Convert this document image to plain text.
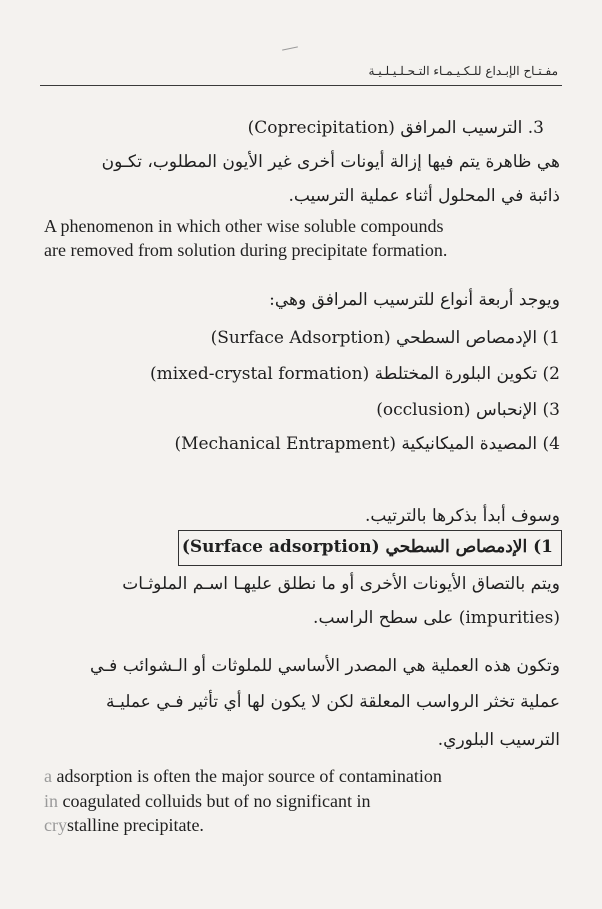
مفـتـاح الإبـداع للـكـيـمـاء التـحـلـيـلـيـة
3. الترسيب المرافق (Coprecipitation)
هي ظاهرة يتم فيها إزالة أيونات أخرى غير الأيون المطلوب، تكـون
ذائبة في المحلول أثناء عملية الترسيب.
A phenomenon in which other wise soluble compounds
are removed from solution during precipitate formation.
ويوجد أربعة أنواع للترسيب المرافق وهي:
1) الإدمصاص السطحي (Surface Adsorption)
2) تكوين البلورة المختلطة (mixed-crystal formation)
3) الإنحباس (occlusion)
4) المصيدة الميكانيكية (Mechanical Entrapment)
وسوف أبدأ بذكرها بالترتيب.
1) الإدمصاص السطحي (Surface adsorption)
ويتم بالتصاق الأيونات الأخرى أو ما نطلق عليهـا اسـم الملوثـات
(impurities) على سطح الراسب.
وتكون هذه العملية هي المصدر الأساسي للملوثات أو الـشوائب فـي
عملية تخثر الرواسب المعلقة لكن لا يكون لها أي تأثير فـي عمليـة
الترسيب البلوري.
a adsorption is often the major source of contamination
in coagulated colluids but of no significant in
crystalline precipitate.
